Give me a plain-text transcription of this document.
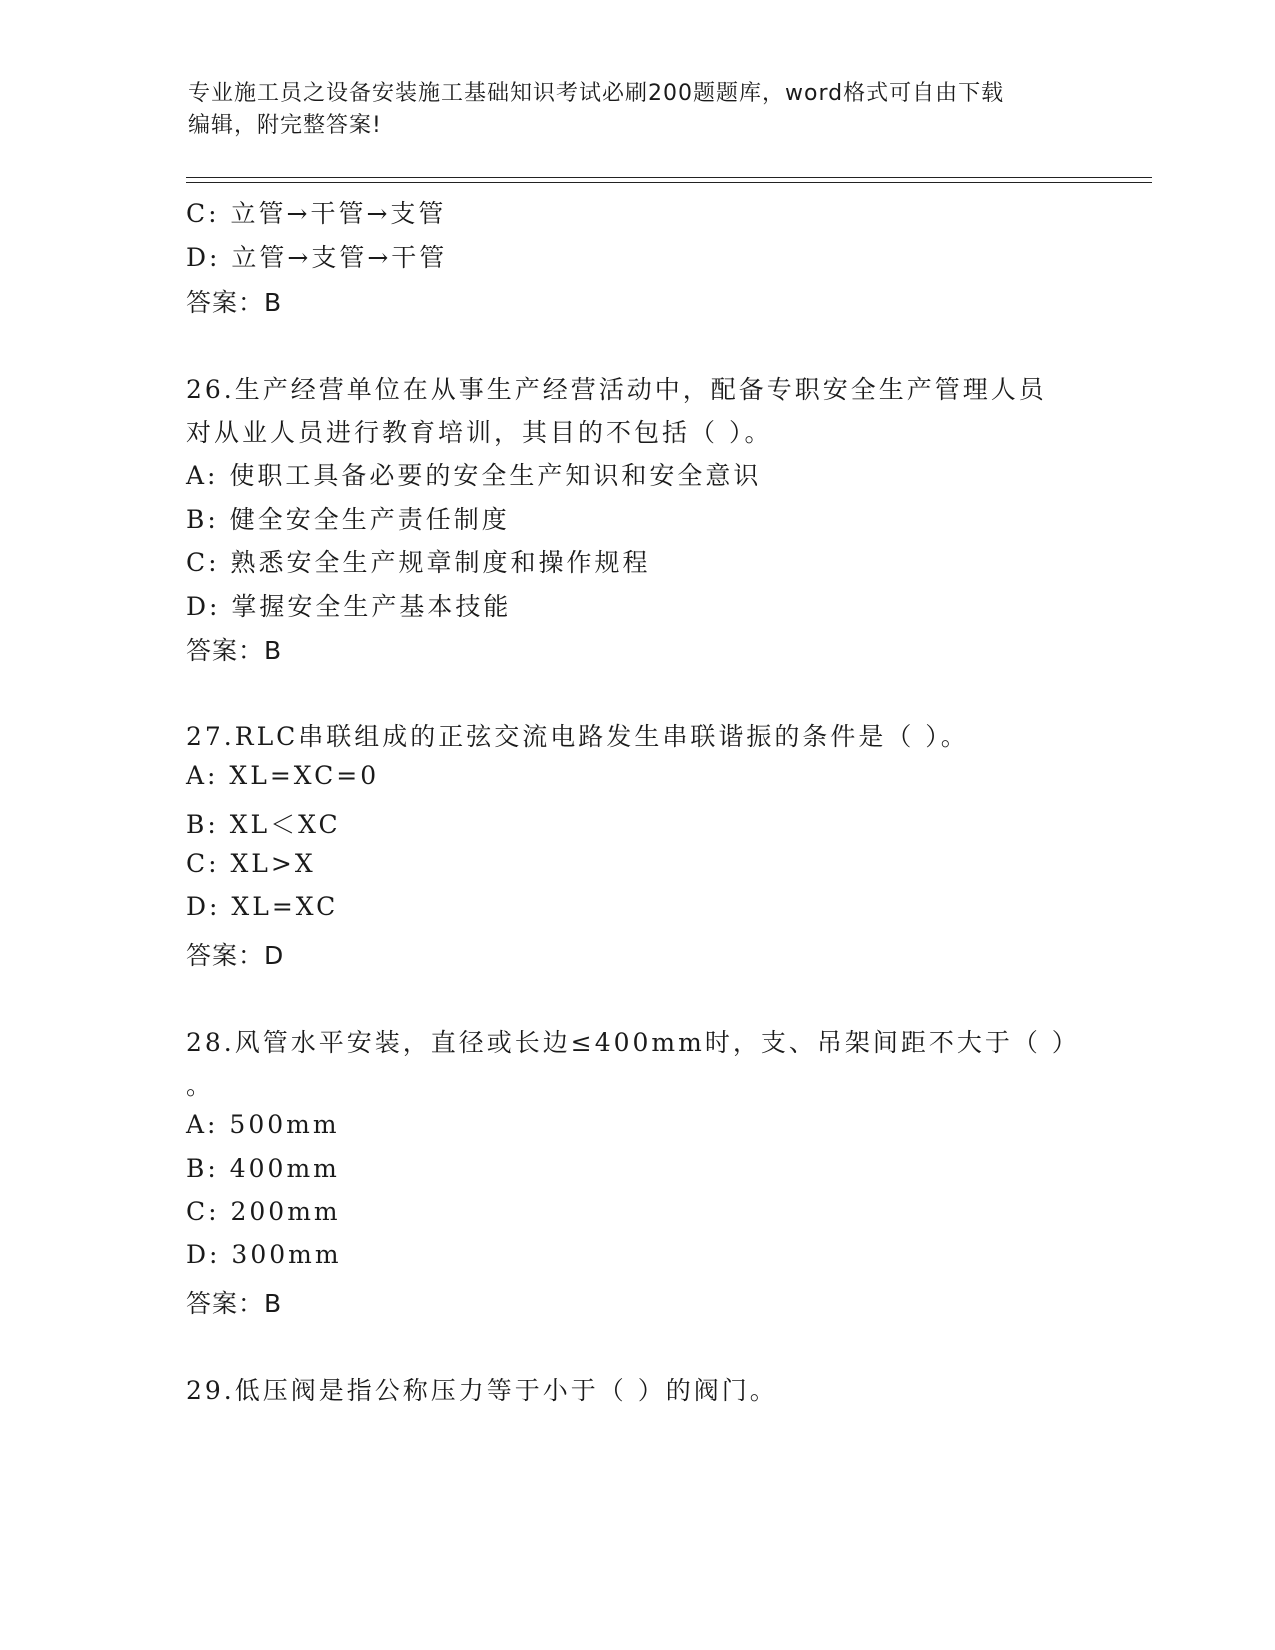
专业施工员之设备安装施工基础知识考试必刷200题题库，word格式可自由下载
编辑，附完整答案!
C: 立管→干管→支管
D: 立管→支管→干管
答案：B
26.生产经营单位在从事生产经营活动中，配备专职安全生产管理人员
对从业人员进行教育培训，其目的不包括（ ）。
A: 使职工具备必要的安全生产知识和安全意识
B: 健全安全生产责任制度
C: 熟悉安全生产规章制度和操作规程
D: 掌握安全生产基本技能
答案：B
27.RLC串联组成的正弦交流电路发生串联谐振的条件是（ ）。
A: XL=XC=0
B: XL＜XC
C: XL>X
D: XL=XC
答案：D
28.风管水平安装，直径或长边≤400mm时，支、吊架间距不大于（ ）
。
A: 500mm
B: 400mm
C: 200mm
D: 300mm
答案：B
29.低压阀是指公称压力等于小于（ ）的阀门。
